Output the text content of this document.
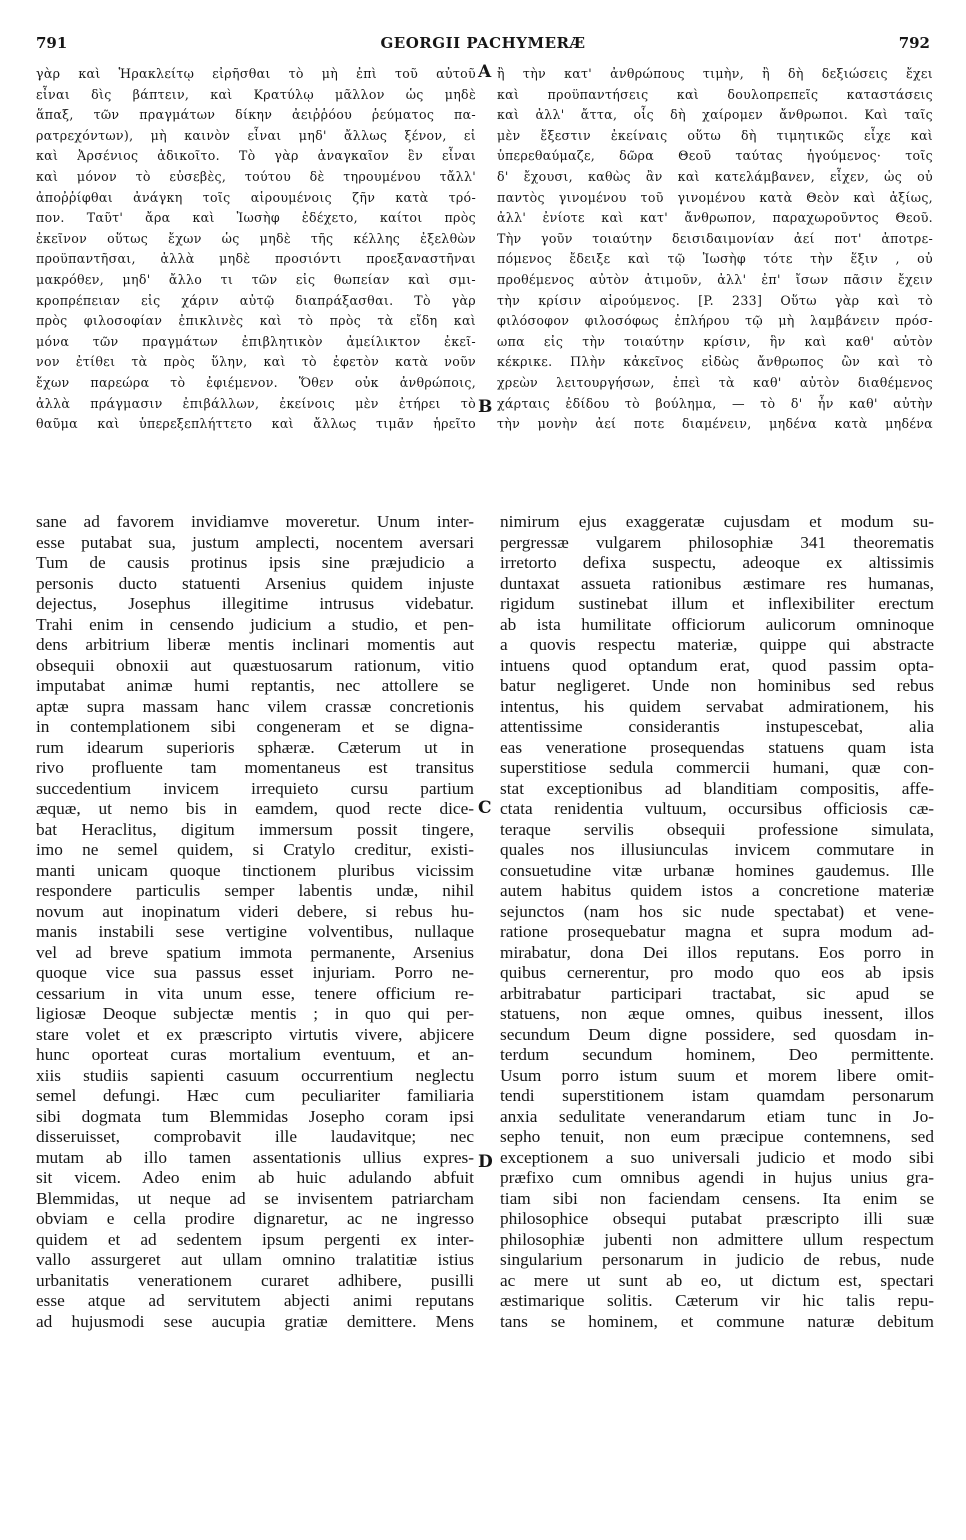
791	GEORGII PACHYMERÆ	792
A
B
C
D
γὰρ καὶ Ἡρακλείτῳ εἰρῆσθαι τὸ μὴ ἐπὶ τοῦ αὐτοῦ
εἶναι δὶς βάπτειν, καὶ Κρατύλῳ μᾶλλον ὡς μηδὲ
ἅπαξ, τῶν πραγμάτων δίκην ἀειῤῥόου ῥεύματος πα-
ρατρεχόντων), μὴ καινὸν εἶναι μηδ' ἄλλως ξένον, εἰ
καὶ Ἀρσένιος ἀδικοῖτο. Τὸ γὰρ ἀναγκαῖον ἓν εἶναι
καὶ μόνον τὸ εὐσεβὲς, τούτου δὲ τηρουμένου τἄλλ'
ἀποῤῥίφθαι ἀνάγκη τοῖς αἱρουμένοις ζῆν κατὰ τρό-
πον. Ταῦτ' ἄρα καὶ Ἰωσὴφ ἐδέχετο, καίτοι πρὸς
ἐκεῖνον οὕτως ἔχων ὡς μηδὲ τῆς κέλλης ἐξελθὼν
προϋπαντῆσαι, ἀλλὰ μηδὲ προσιόντι προεξαναστῆναι
μακρόθεν, μηδ' ἄλλο τι τῶν εἰς θωπείαν καὶ σμι-
κροπρέπειαν εἰς χάριν αὐτῷ διαπράξασθαι. Τὸ γὰρ
πρὸς φιλοσοφίαν ἐπικλινὲς καὶ τὸ πρὸς τὰ εἴδη καὶ
μόνα τῶν πραγμάτων ἐπιβλητικὸν ἀμείλικτον ἐκεῖ-
νον ἐτίθει τὰ πρὸς ὕλην, καὶ τὸ ἐφετὸν κατὰ νοῦν
ἔχων παρεώρα τὸ ἐφιέμενον. Ὅθεν οὐκ ἀνθρώποις,
ἀλλὰ πράγμασιν ἐπιβάλλων, ἐκείνοις μὲν ἐτήρει τὸ
θαῦμα καὶ ὑπερεξεπλήττετο καὶ ἄλλως τιμᾶν ἡρεῖτο
ἢ τὴν κατ' ἀνθρώπους τιμὴν, ἢ δὴ δεξιώσεις ἔχει
καὶ προϋπαντήσεις καὶ δουλοπρεπεῖς καταστάσεις
καὶ ἀλλ' ἄττα, οἷς δὴ χαίρομεν ἄνθρωποι. Καὶ ταῖς
μὲν ἔξεστιν ἐκείναις οὕτω δὴ τιμητικῶς εἶχε καὶ
ὑπερεθαύμαζε, δῶρα Θεοῦ ταύτας ἡγούμενος· τοῖς
δ' ἔχουσι, καθὼς ἂν καὶ κατελάμβανεν, εἶχεν, ὡς οὐ
παντὸς γινομένου τοῦ γινομένου κατὰ Θεὸν καὶ ἀξίως,
ἀλλ' ἐνίοτε καὶ κατ' ἄνθρωπον, παραχωροῦντος Θεοῦ.
Τὴν γοῦν τοιαύτην δεισιδαιμονίαν ἀεί ποτ' ἀποτρε-
πόμενος ἔδειξε καὶ τῷ Ἰωσὴφ τότε τὴν ἕξιν , οὐ
προθέμενος αὐτὸν ἀτιμοῦν, ἀλλ' ἐπ' ἴσων πᾶσιν ἔχειν
τὴν κρίσιν αἱρούμενος. [P. 233] Οὕτω γὰρ καὶ τὸ
φιλόσοφον φιλοσόφως ἐπλήρου τῷ μὴ λαμβάνειν πρόσ-
ωπα εἰς τὴν τοιαύτην κρίσιν, ἣν καὶ καθ' αὐτὸν
κέκρικε. Πλὴν κἀκεῖνος εἰδὼς ἄνθρωπος ὢν καὶ τὸ
χρεὼν λειτουργήσων, ἐπεὶ τὰ καθ' αὐτὸν διαθέμενος
χάρταις ἐδίδου τὸ βούλημα, — τὸ δ' ἦν καθ' αὐτὴν
τὴν μονὴν ἀεί ποτε διαμένειν, μηδένα κατὰ μηδένα
sane ad favorem invidiamve moveretur. Unum inter-
esse putabat sua, justum amplecti, nocentem aversari
Tum de causis protinus ipsis sine præjudicio a
personis ducto statuenti Arsenius quidem injuste
dejectus, Josephus illegitime intrusus videbatur.
Trahi enim in censendo judicium a studio, et pen-
dens arbitrium liberæ mentis inclinari momentis aut
obsequii obnoxii aut quæstuosarum rationum, vitio
imputabat animæ humi reptantis, nec attollere se
aptæ supra massam hanc vilem crassæ concretionis
in contemplationem sibi congeneram et se digna-
rum idearum superioris sphæræ. Cæterum ut in
rivo profluente tam momentaneus est transitus
succedentium invicem irrequieto cursu partium
æquæ, ut nemo bis in eamdem, quod recte dice-
bat Heraclitus, digitum immersum possit tingere,
imo ne semel quidem, si Cratylo creditur, existi-
manti unicam quoque tinctionem pluribus vicissim
respondere particulis semper labentis undæ, nihil
novum aut inopinatum videri debere, si rebus hu-
manis instabili sese vertigine volventibus, nullaque
vel ad breve spatium immota permanente, Arsenius
quoque vice sua passus esset injuriam. Porro ne-
cessarium in vita unum esse, tenere officium re-
ligiosæ Deoque subjectæ mentis ; in quo qui per-
stare volet et ex præscripto virtutis vivere, abjicere
hunc oporteat curas mortalium eventuum, et an-
xiis studiis sapienti casuum occurrentium neglectu
semel defungi. Hæc cum peculiariter familiaria
sibi dogmata tum Blemmidas Josepho coram ipsi
disseruisset, comprobavit ille laudavitque; nec
mutam ab illo tamen assentationis ullius expres-
sit vicem. Adeo enim ab huic adulando abfuit
Blemmidas, ut neque ad se invisentem patriarcham
obviam e cella prodire dignaretur, ac ne ingresso
quidem et ad sedentem ipsum pergenti ex inter-
vallo assurgeret aut ullam omnino tralatitiæ istius
urbanitatis venerationem curaret adhibere, pusilli
esse atque ad servitutem abjecti animi reputans
ad hujusmodi sese aucupia gratiæ demittere. Mens
nimirum ejus exaggeratæ cujusdam et modum su-
pergressæ vulgarem philosophiæ 341 theorematis
irretorto defixa suspectu, adeoque ex altissimis
duntaxat assueta rationibus æstimare res humanas,
rigidum sustinebat illum et inflexibiliter erectum
ab ista humilitate officiorum aulicorum omninoque
a quovis respectu materiæ, quippe qui abstracte
intuens quod optandum erat, quod passim opta-
batur negligeret. Unde non hominibus sed rebus
intentus, his quidem servabat admirationem, his
attentissime considerantis instupescebat, alia
eas veneratione prosequendas statuens quam ista
superstitiose sedula commercii humani, quæ con-
stat exceptionibus ad blanditiam compositis, affe-
ctata renidentia vultuum, occursibus officiosis cæ-
teraque servilis obsequii professione simulata,
quales nos illusiunculas invicem commutare in
consuetudine vitæ urbanæ homines gaudemus. Ille
autem habitus quidem istos a concretione materiæ
sejunctos (nam hos sic nude spectabat) et vene-
ratione prosequebatur magna et supra modum ad-
mirabatur, dona Dei illos reputans. Eos porro in
quibus cernerentur, pro modo quo eos ab ipsis
arbitrabatur participari tractabat, sic apud se
statuens, non æque omnes, quibus inessent, illos
secundum Deum digne possidere, sed quosdam in-
terdum secundum hominem, Deo permittente.
Usum porro istum suum et morem libere omit-
tendi superstitionem istam quamdam personarum
anxia sedulitate venerandarum etiam tunc in Jo-
sepho tenuit, non eum præcipue contemnens, sed
exceptionem a suo universali judicio et modo sibi
præfixo cum omnibus agendi in hujus unius gra-
tiam sibi non faciendam censens. Ita enim se
philosophice obsequi putabat præscripto illi suæ
philosophiæ jubenti non admittere ullum respectum
singularium personarum in judicio de rebus, nude
ac mere ut sunt ab eo, ut dictum est, spectari
æstimarique solitis. Cæterum vir hic talis repu-
tans se hominem, et commune naturæ debitum
